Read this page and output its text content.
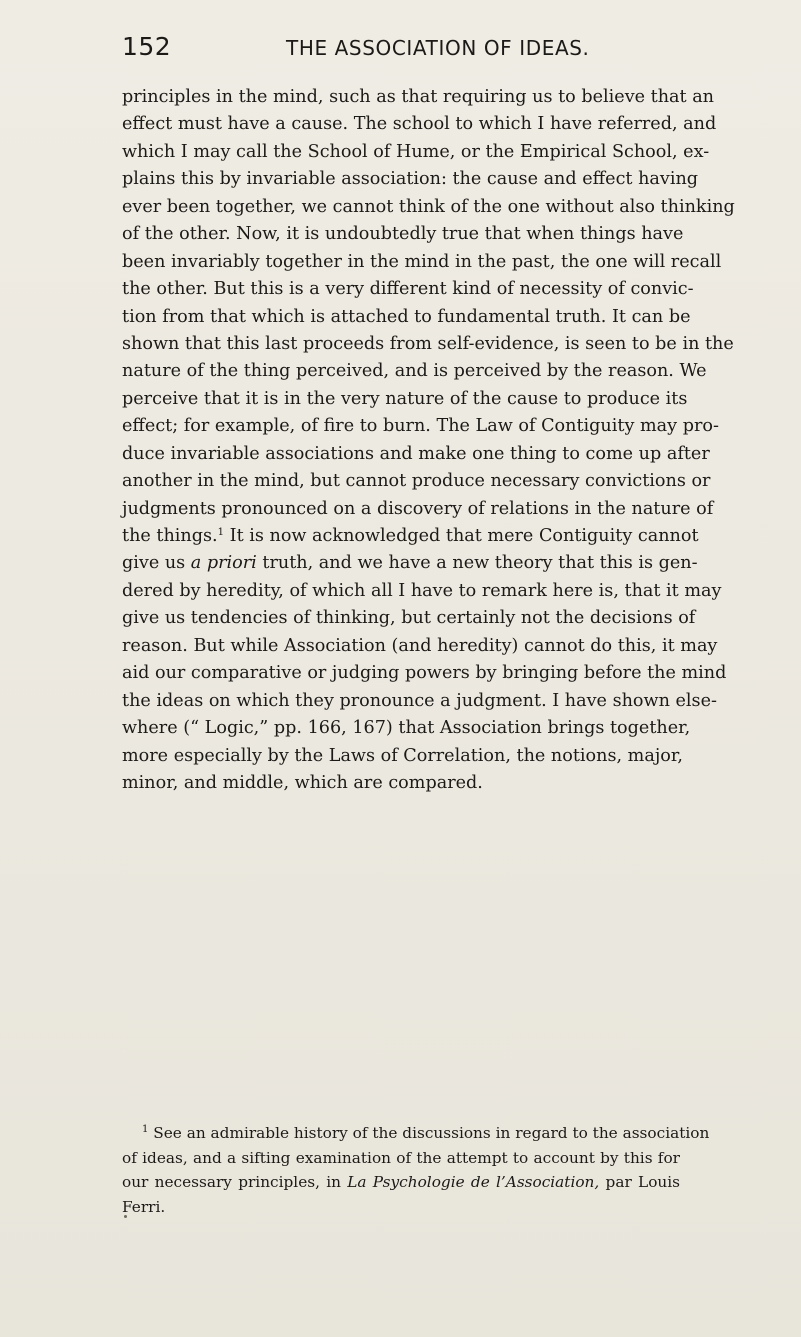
152	THE ASSOCIATION OF IDEAS.
principles in the mind, such as that requiring us to believe that an
effect must have a cause. The school to which I have referred, and
which I may call the School of Hume, or the Empirical School, ex-
plains this by invariable association: the cause and effect having
ever been together, we cannot think of the one without also thinking
of the other. Now, it is undoubtedly true that when things have
been invariably together in the mind in the past, the one will recall
the other. But this is a very different kind of necessity of convic-
tion from that which is attached to fundamental truth. It can be
shown that this last proceeds from self-evidence, is seen to be in the
nature of the thing perceived, and is perceived by the reason. We
perceive that it is in the very nature of the cause to produce its
effect; for example, of fire to burn. The Law of Contiguity may pro-
duce invariable associations and make one thing to come up after
another in the mind, but cannot produce necessary convictions or
judgments pronounced on a discovery of relations in the nature of
the things.$^1$ It is now acknowledged that mere Contiguity cannot
give us a priori truth, and we have a new theory that this is gen-
dered by heredity, of which all I have to remark here is, that it may
give us tendencies of thinking, but certainly not the decisions of
reason. But while Association (and heredity) cannot do this, it may
aid our comparative or judging powers by bringing before the mind
the ideas on which they pronounce a judgment. I have shown else-
where (“ Logic,” pp. 166, 167) that Association brings together,
more especially by the Laws of Correlation, the notions, major,
minor, and middle, which are compared.
$^1$ See an admirable history of the discussions in regard to the association
of ideas, and a sifting examination of the attempt to account by this for
our necessary principles, in La Psychologie de l’Association, par Louis
Ferri.
